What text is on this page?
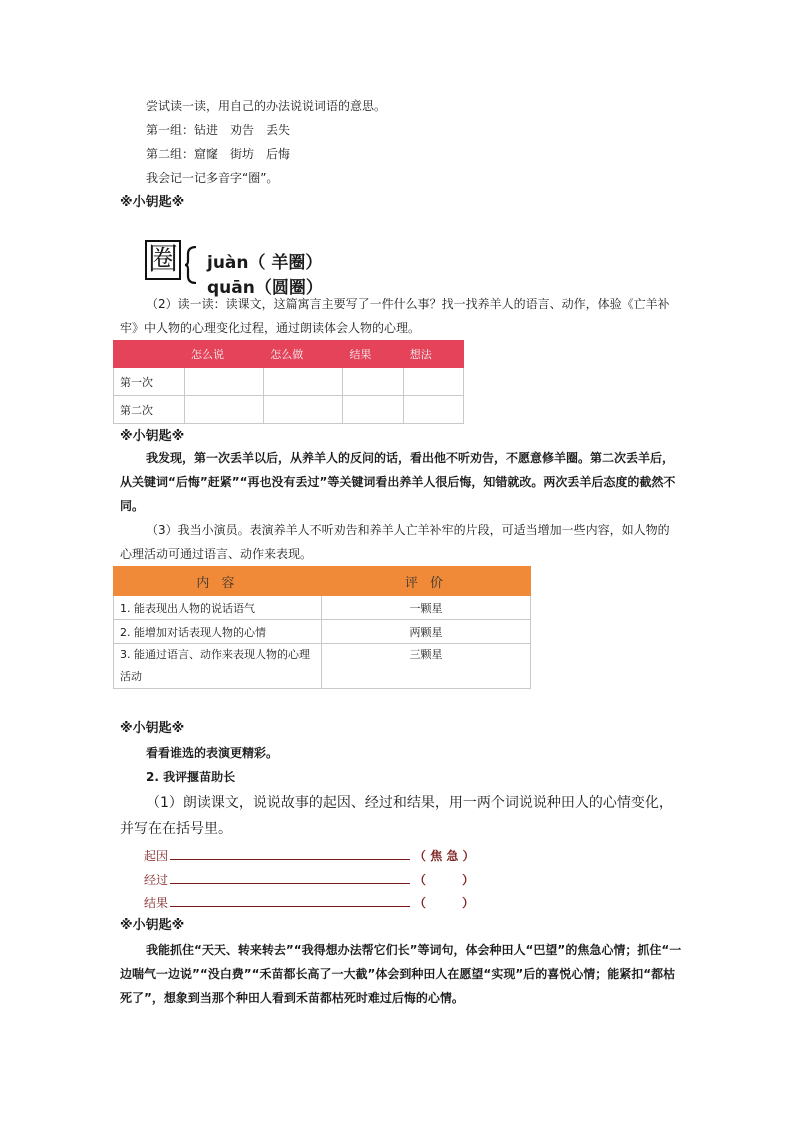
尝试读一读，用自己的办法说说词语的意思。
第一组：钻进　劝告　丢失
第二组：窟窿　街坊　后悔
我会记一记多音字“圈”。
※小钥匙※
圈 juàn（ 羊圈）
quān（圆圈）
（2）读一读：读课文，这篇寓言主要写了一件什么事？找一找养羊人的语言、动作，体验《亡羊补牢》中人物的心理变化过程，通过朗读体会人物的心理。
	怎么说	怎么做	结果	想法
第一次				
第二次				
※小钥匙※
我发现，第一次丢羊以后，从养羊人的反问的话，看出他不听劝告，不愿意修羊圈。第二次丢羊后，从关键词“后悔”赶紧”“再也没有丢过”等关键词看出养羊人很后悔，知错就改。两次丢羊后态度的截然不同。
（3）我当小演员。表演养羊人不听劝告和养羊人亡羊补牢的片段，可适当增加一些内容，如人物的心理活动可通过语言、动作来表现。
内 容	评 价
1. 能表现出人物的说话语气	一颗星
2. 能增加对话表现人物的心情	两颗星
3. 能通过语言、动作来表现人物的心理活动	三颗星
※小钥匙※
看看谁选的表演更精彩。
2. 我评揠苗助长
（1）朗读课文，说说故事的起因、经过和结果，用一两个词说说种田人的心情变化，并写在在括号里。
起因	（ 焦 急 ）
经过	（　　　）
结果	（　　　）
※小钥匙※
我能抓住“天天、转来转去”“我得想办法帮它们长”等词句，体会种田人“巴望”的焦急心情；抓住“一边喘气一边说”“没白费”“禾苗都长高了一大截”体会到种田人在愿望“实现”后的喜悦心情；能紧扣“都枯死了”，想象到当那个种田人看到禾苗都枯死时难过后悔的心情。
